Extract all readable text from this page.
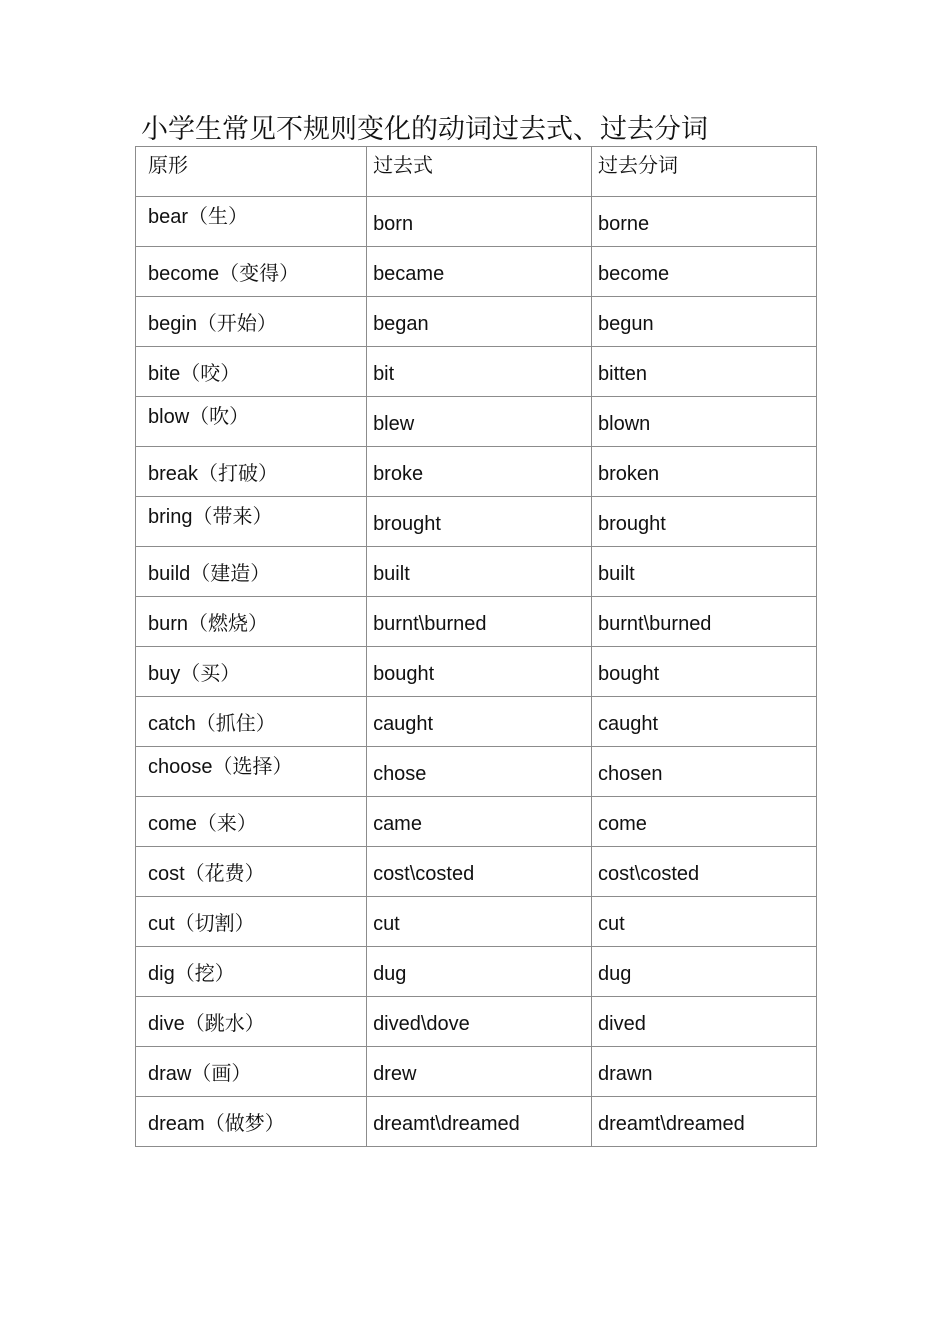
小学生常见不规则变化的动词过去式、过去分词
原形	过去式	过去分词

bear（生）	born	borne

become（变得）	became	become

begin（开始）	began	begun

bite（咬）	bit	bitten

blow（吹）	blew	blown

break（打破）	broke	broken

bring（带来）	brought	brought

build（建造）	built	built

burn（燃烧）	burnt\burned	burnt\burned

buy（买）	bought	bought

catch（抓住）	caught	caught

choose（选择）	chose	chosen

come（来）	came	come

cost（花费）	cost\costed	cost\costed

cut（切割）	cut	cut

dig（挖）	dug	dug

dive（跳水）	dived\dove	dived

draw（画）	drew	drawn

dream（做梦）	dreamt\dreamed	dreamt\dreamed
